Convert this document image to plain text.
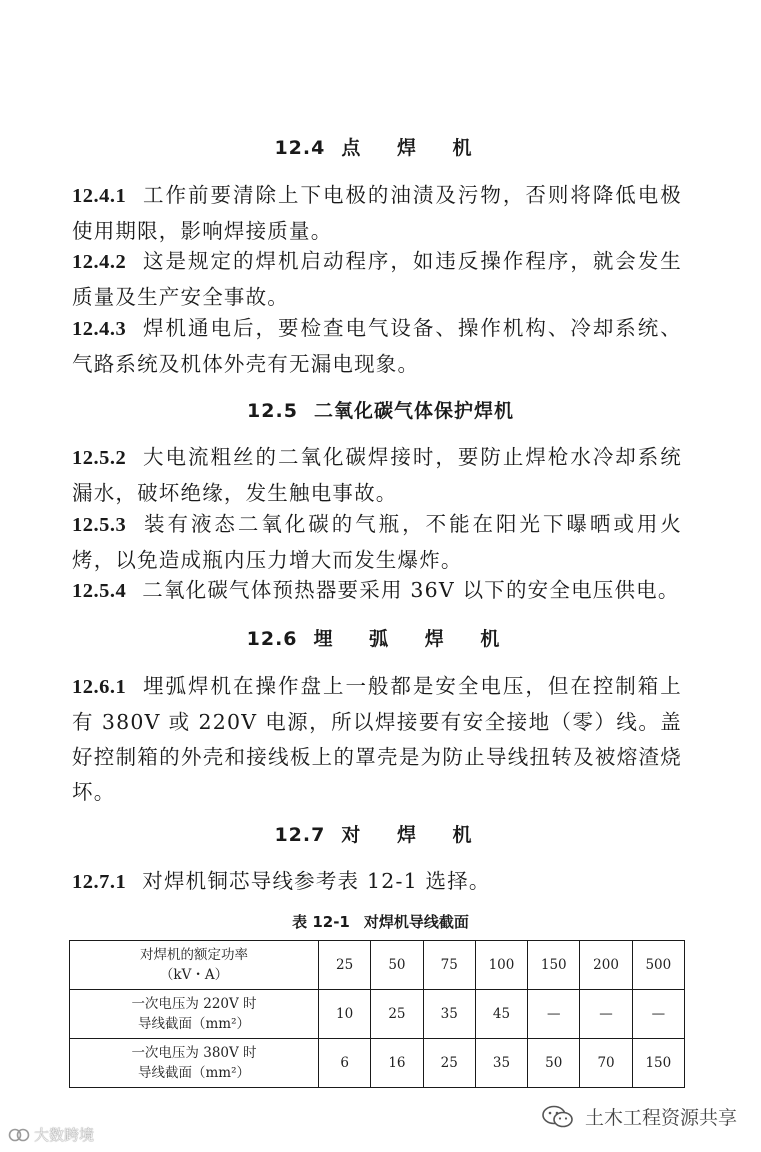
12.4 点 焊 机
12.4.1 工作前要清除上下电极的油渍及污物，否则将降低电极使用期限，影响焊接质量。
12.4.2 这是规定的焊机启动程序，如违反操作程序，就会发生质量及生产安全事故。
12.4.3 焊机通电后，要检查电气设备、操作机构、冷却系统、气路系统及机体外壳有无漏电现象。
12.5 二氧化碳气体保护焊机
12.5.2 大电流粗丝的二氧化碳焊接时，要防止焊枪水冷却系统漏水，破坏绝缘，发生触电事故。
12.5.3 装有液态二氧化碳的气瓶，不能在阳光下曝晒或用火烤，以免造成瓶内压力增大而发生爆炸。
12.5.4 二氧化碳气体预热器要采用 36V 以下的安全电压供电。
12.6 埋 弧 焊 机
12.6.1 埋弧焊机在操作盘上一般都是安全电压，但在控制箱上有 380V 或 220V 电源，所以焊接要有安全接地（零）线。盖好控制箱的外壳和接线板上的罩壳是为防止导线扭转及被熔渣烧坏。
12.7 对 焊 机
12.7.1 对焊机铜芯导线参考表 12-1 选择。
表 12-1 对焊机导线截面
对焊机的额定功率
（kV・A）	25	50	75	100	150	200	500
一次电压为 220V 时
导线截面（mm²）	10	25	35	45	—	—	—
一次电压为 380V 时
导线截面（mm²）	6	16	25	35	50	70	150
土木工程资源共享
大数跨境
